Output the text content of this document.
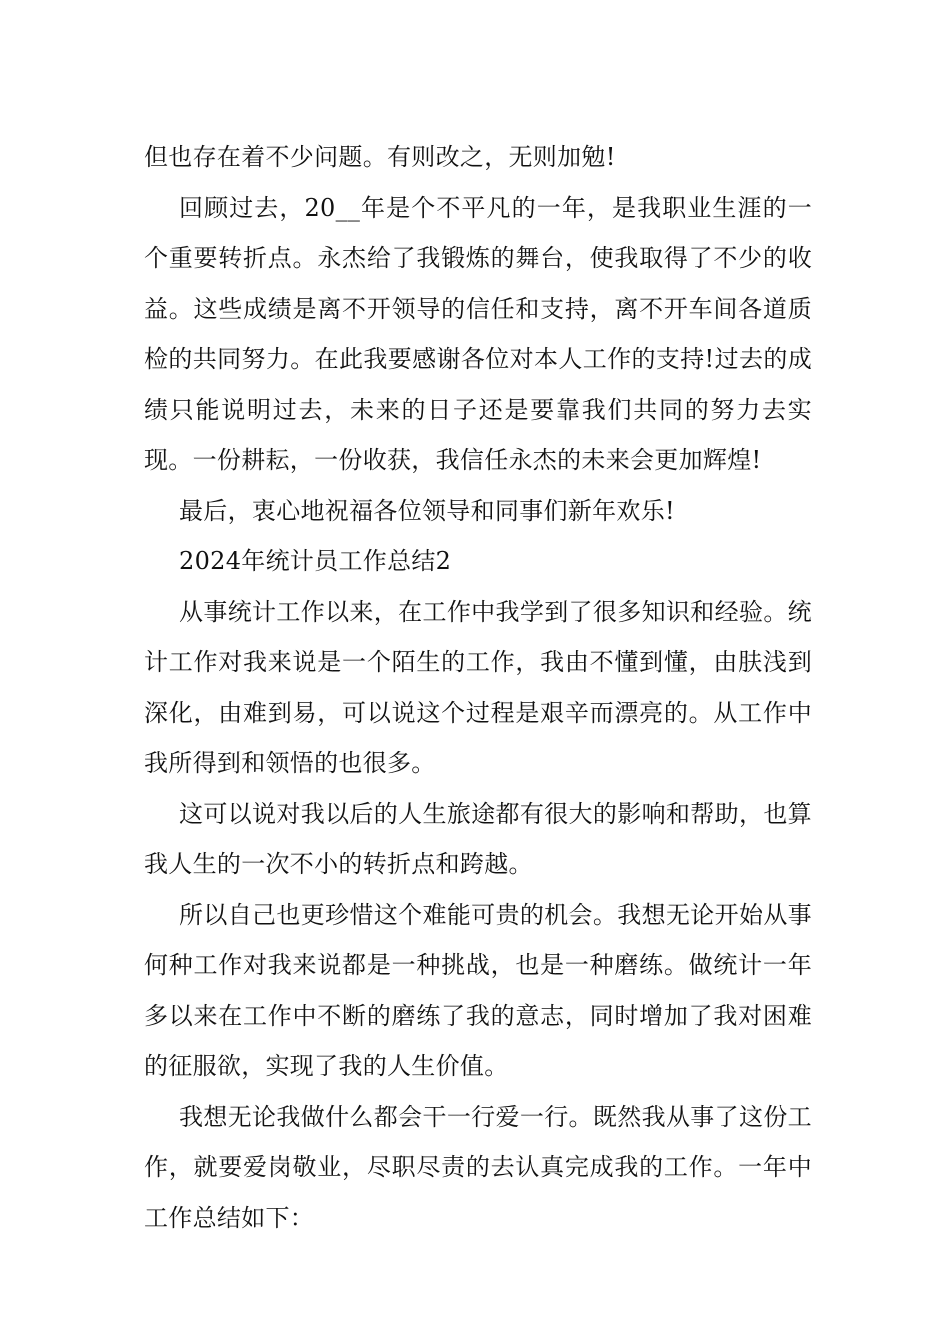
但也存在着不少问题。有则改之，无则加勉!

回顾过去，20__年是个不平凡的一年，是我职业生涯的一个重要转折点。永杰给了我锻炼的舞台，使我取得了不少的收益。这些成绩是离不开领导的信任和支持，离不开车间各道质检的共同努力。在此我要感谢各位对本人工作的支持!过去的成绩只能说明过去，未来的日子还是要靠我们共同的努力去实现。一份耕耘，一份收获，我信任永杰的未来会更加辉煌!

最后，衷心地祝福各位领导和同事们新年欢乐!

2024年统计员工作总结2

从事统计工作以来，在工作中我学到了很多知识和经验。统计工作对我来说是一个陌生的工作，我由不懂到懂，由肤浅到深化，由难到易，可以说这个过程是艰辛而漂亮的。从工作中我所得到和领悟的也很多。

这可以说对我以后的人生旅途都有很大的影响和帮助，也算我人生的一次不小的转折点和跨越。

所以自己也更珍惜这个难能可贵的机会。我想无论开始从事何种工作对我来说都是一种挑战，也是一种磨练。做统计一年多以来在工作中不断的磨练了我的意志，同时增加了我对困难的征服欲，实现了我的人生价值。

我想无论我做什么都会干一行爱一行。既然我从事了这份工作，就要爱岗敬业，尽职尽责的去认真完成我的工作。一年中工作总结如下：
